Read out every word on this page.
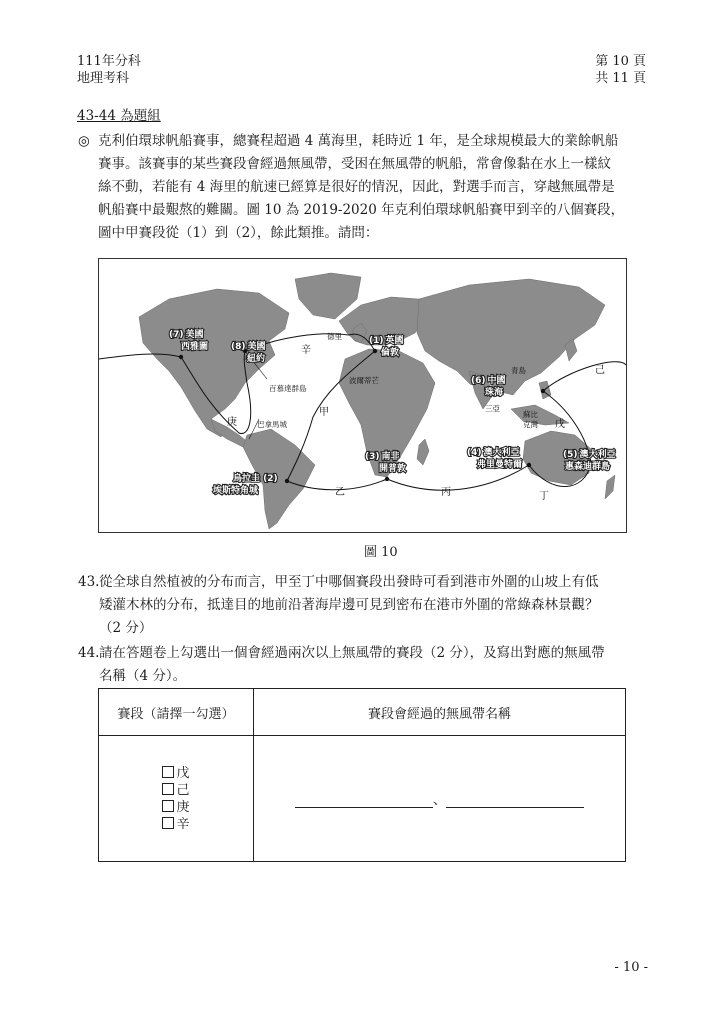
111年分科
地理考科
第 10 頁
共 11 頁
43-44 為題組
◎ 克利伯環球帆船賽事，總賽程超過 4 萬海里，耗時近 1 年，是全球規模最大的業餘帆船
賽事。該賽事的某些賽段會經過無風帶，受困在無風帶的帆船，常會像黏在水上一樣紋
絲不動，若能有 4 海里的航速已經算是很好的情況，因此，對選手而言，穿越無風帶是
帆船賽中最艱熬的難關。圖 10 為 2019-2020 年克利伯環球帆船賽甲到辛的八個賽段，
圖中甲賽段從（1）到（2），餘此類推。請問：
(1) 英國
倫敦
烏拉圭 (2)
埃斯特角城
(3) 南非
開普敦
(4) 澳大利亞
弗里曼特爾
(5) 澳大利亞
惠森迪群島
(6) 中國
珠海
(7) 美國
西雅圖	(8) 美國
紐約
德里
百慕達群島
巴拿馬城
波爾蒂芒
青島
三亞
蘇比
克灣
甲
乙	丙	丁
戊
己
庚
辛
圖 10
43. 從全球自然植被的分布而言，甲至丁中哪個賽段出發時可看到港市外圍的山坡上有低
矮灌木林的分布，抵達目的地前沿著海岸邊可見到密布在港市外圍的常綠森林景觀？
（2 分）
44. 請在答題卷上勾選出一個會經過兩次以上無風帶的賽段（2 分），及寫出對應的無風帶
名稱（4 分）。
賽段（請擇一勾選）	賽段會經過的無風帶名稱

戊
己
庚
辛	、
- 10 -
